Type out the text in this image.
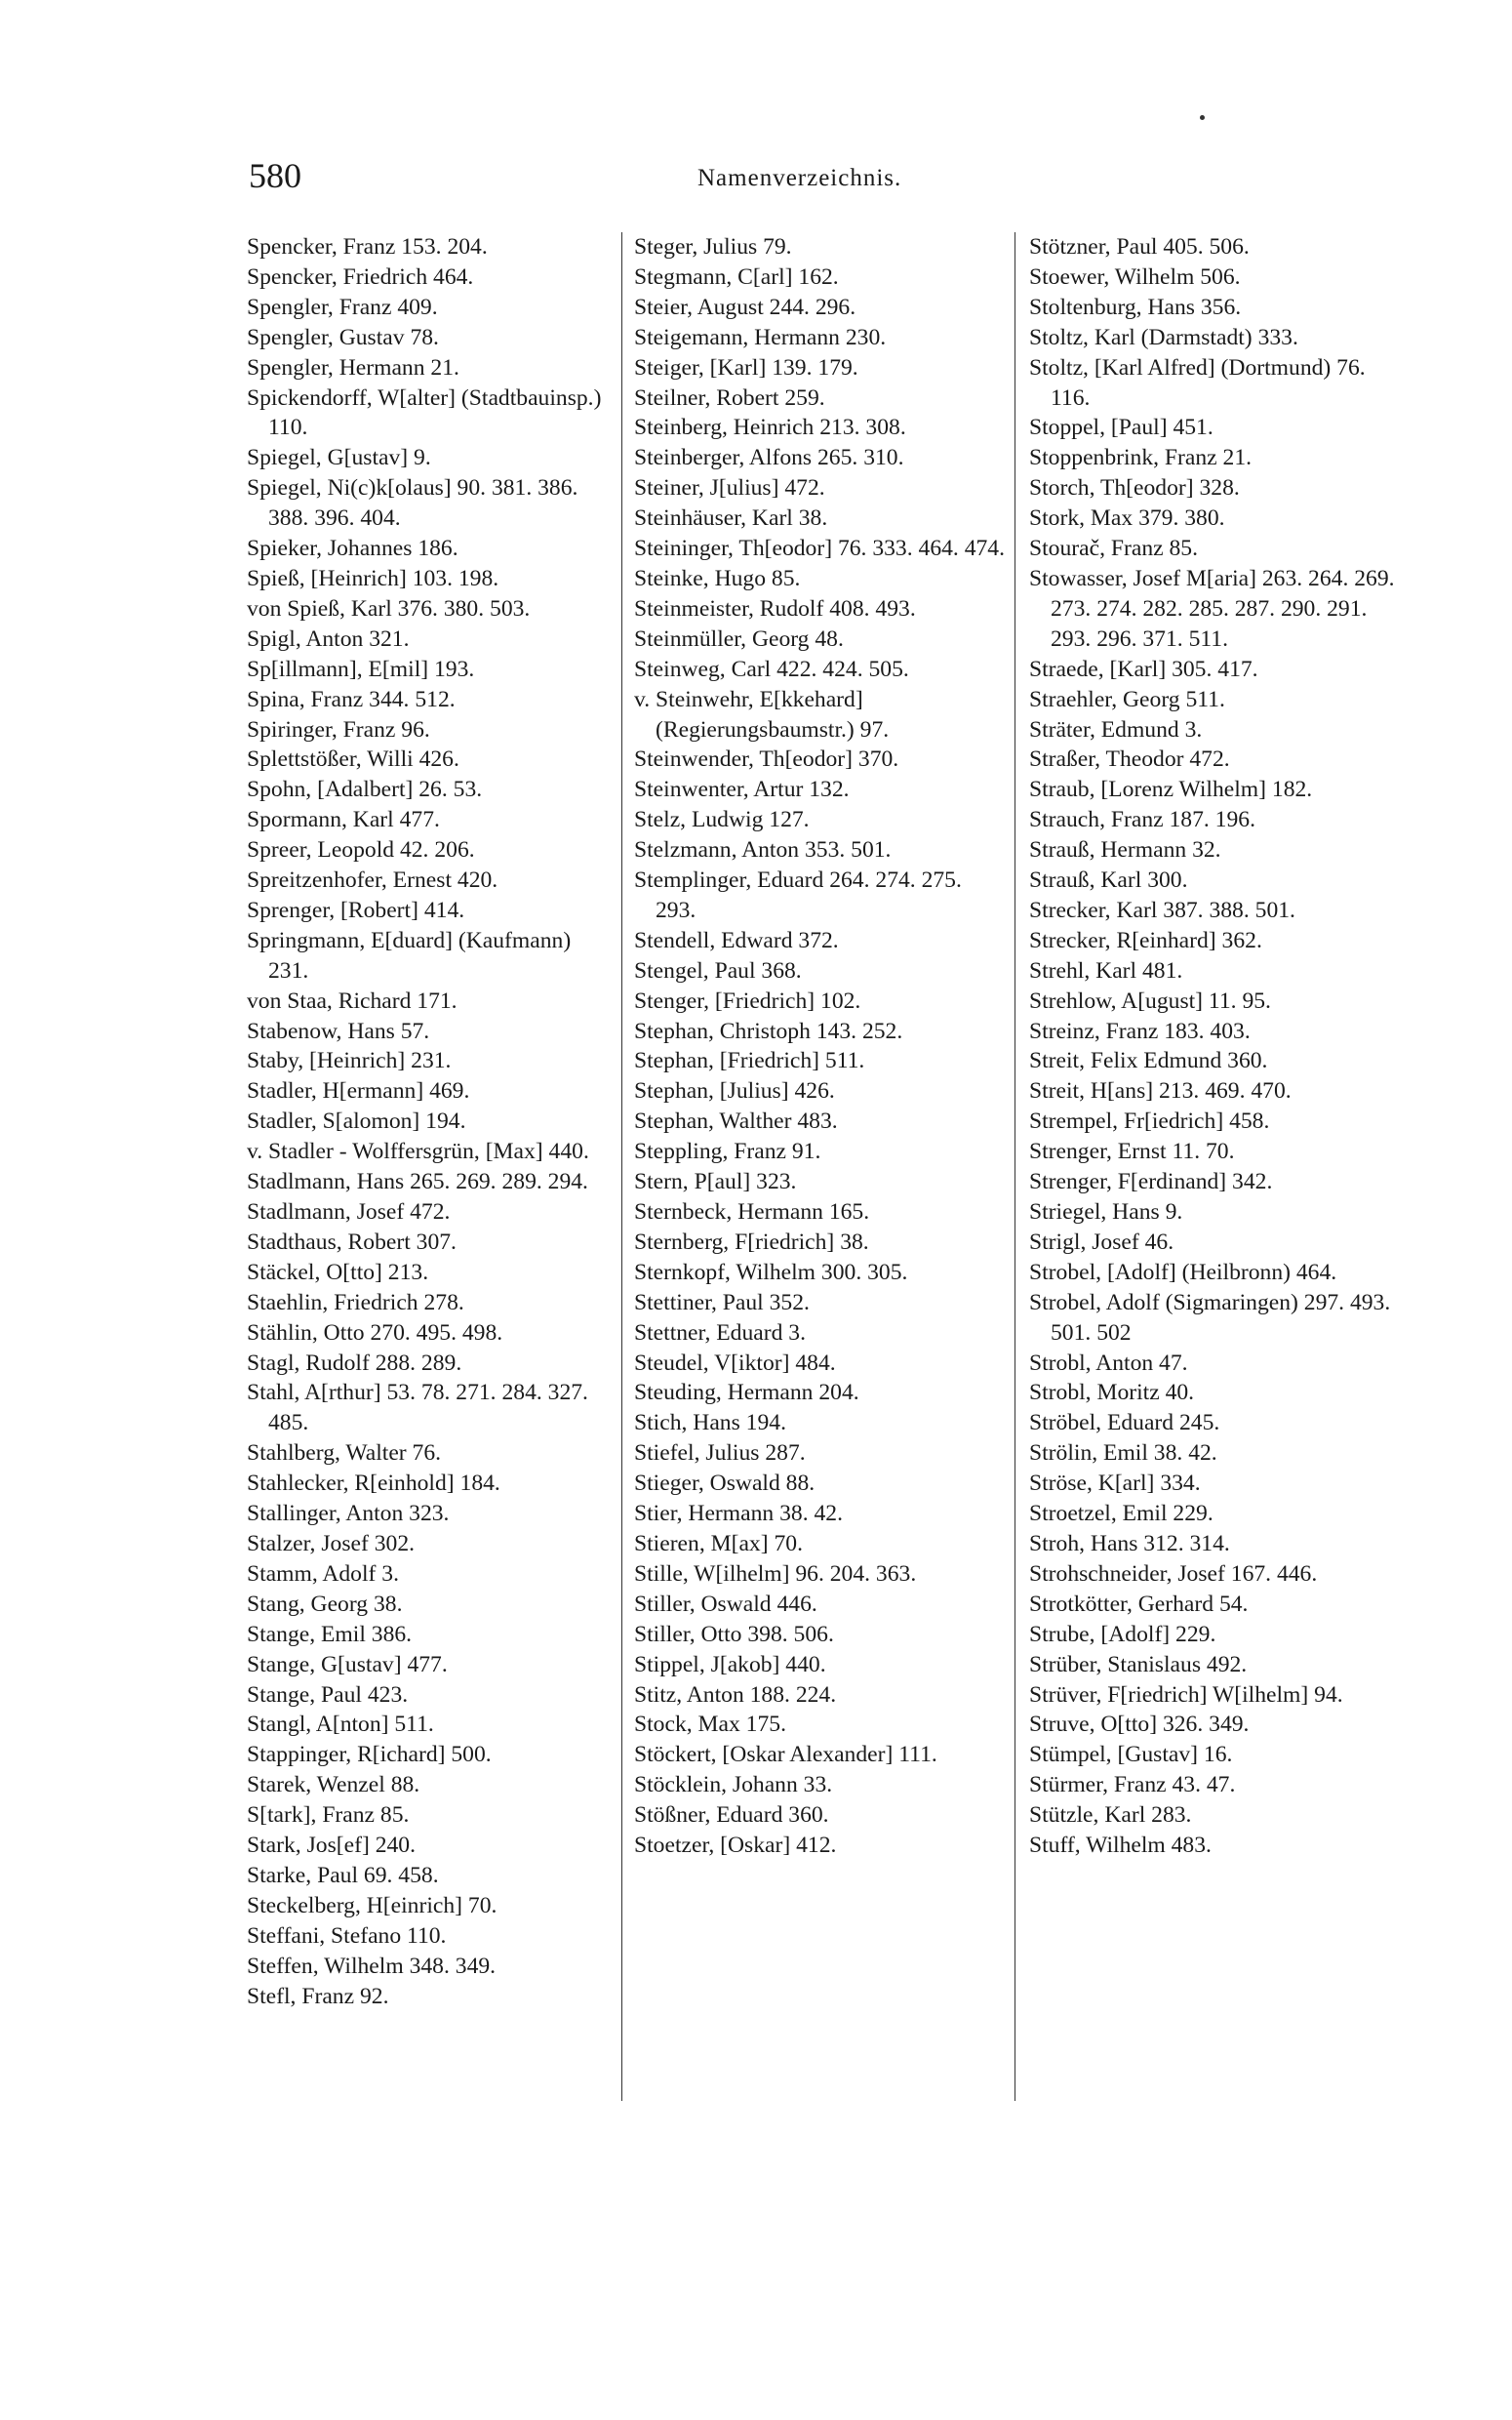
580	Namenverzeichnis.
Spencker, Franz 153. 204.
Spencker, Friedrich 464.
Spengler, Franz 409.
Spengler, Gustav 78.
Spengler, Hermann 21.
Spickendorff, W[alter] (Stadtbauinsp.) 110.
Spiegel, G[ustav] 9.
Spiegel, Ni(c)k[olaus] 90. 381. 386. 388. 396. 404.
Spieker, Johannes 186.
Spieß, [Heinrich] 103. 198.
von Spieß, Karl 376. 380. 503.
Spigl, Anton 321.
Sp[illmann], E[mil] 193.
Spina, Franz 344. 512.
Spiringer, Franz 96.
Splettstößer, Willi 426.
Spohn, [Adalbert] 26. 53.
Spormann, Karl 477.
Spreer, Leopold 42. 206.
Spreitzenhofer, Ernest 420.
Sprenger, [Robert] 414.
Springmann, E[duard] (Kaufmann) 231.
von Staa, Richard 171.
Stabenow, Hans 57.
Staby, [Heinrich] 231.
Stadler, H[ermann] 469.
Stadler, S[alomon] 194.
v. Stadler - Wolffersgrün, [Max] 440.
Stadlmann, Hans 265. 269. 289. 294.
Stadlmann, Josef 472.
Stadthaus, Robert 307.
Stäckel, O[tto] 213.
Staehlin, Friedrich 278.
Stählin, Otto 270. 495. 498.
Stagl, Rudolf 288. 289.
Stahl, A[rthur] 53. 78. 271. 284. 327. 485.
Stahlberg, Walter 76.
Stahlecker, R[einhold] 184.
Stallinger, Anton 323.
Stalzer, Josef 302.
Stamm, Adolf 3.
Stang, Georg 38.
Stange, Emil 386.
Stange, G[ustav] 477.
Stange, Paul 423.
Stangl, A[nton] 511.
Stappinger, R[ichard] 500.
Starek, Wenzel 88.
S[tark], Franz 85.
Stark, Jos[ef] 240.
Starke, Paul 69. 458.
Steckelberg, H[einrich] 70.
Steffani, Stefano 110.
Steffen, Wilhelm 348. 349.
Stefl, Franz 92.
Steger, Julius 79.
Stegmann, C[arl] 162.
Steier, August 244. 296.
Steigemann, Hermann 230.
Steiger, [Karl] 139. 179.
Steilner, Robert 259.
Steinberg, Heinrich 213. 308.
Steinberger, Alfons 265. 310.
Steiner, J[ulius] 472.
Steinhäuser, Karl 38.
Steininger, Th[eodor] 76. 333. 464. 474.
Steinke, Hugo 85.
Steinmeister, Rudolf 408. 493.
Steinmüller, Georg 48.
Steinweg, Carl 422. 424. 505.
v. Steinwehr, E[kkehard] (Regierungsbaumstr.) 97.
Steinwender, Th[eodor] 370.
Steinwenter, Artur 132.
Stelz, Ludwig 127.
Stelzmann, Anton 353. 501.
Stemplinger, Eduard 264. 274. 275. 293.
Stendell, Edward 372.
Stengel, Paul 368.
Stenger, [Friedrich] 102.
Stephan, Christoph 143. 252.
Stephan, [Friedrich] 511.
Stephan, [Julius] 426.
Stephan, Walther 483.
Steppling, Franz 91.
Stern, P[aul] 323.
Sternbeck, Hermann 165.
Sternberg, F[riedrich] 38.
Sternkopf, Wilhelm 300. 305.
Stettiner, Paul 352.
Stettner, Eduard 3.
Steudel, V[iktor] 484.
Steuding, Hermann 204.
Stich, Hans 194.
Stiefel, Julius 287.
Stieger, Oswald 88.
Stier, Hermann 38. 42.
Stieren, M[ax] 70.
Stille, W[ilhelm] 96. 204. 363.
Stiller, Oswald 446.
Stiller, Otto 398. 506.
Stippel, J[akob] 440.
Stitz, Anton 188. 224.
Stock, Max 175.
Stöckert, [Oskar Alexander] 111.
Stöcklein, Johann 33.
Stößner, Eduard 360.
Stoetzer, [Oskar] 412.
Stötzner, Paul 405. 506.
Stoewer, Wilhelm 506.
Stoltenburg, Hans 356.
Stoltz, Karl (Darmstadt) 333.
Stoltz, [Karl Alfred] (Dortmund) 76. 116.
Stoppel, [Paul] 451.
Stoppenbrink, Franz 21.
Storch, Th[eodor] 328.
Stork, Max 379. 380.
Stourač, Franz 85.
Stowasser, Josef M[aria] 263. 264. 269. 273. 274. 282. 285. 287. 290. 291. 293. 296. 371. 511.
Straede, [Karl] 305. 417.
Straehler, Georg 511.
Sträter, Edmund 3.
Straßer, Theodor 472.
Straub, [Lorenz Wilhelm] 182.
Strauch, Franz 187. 196.
Strauß, Hermann 32.
Strauß, Karl 300.
Strecker, Karl 387. 388. 501.
Strecker, R[einhard] 362.
Strehl, Karl 481.
Strehlow, A[ugust] 11. 95.
Streinz, Franz 183. 403.
Streit, Felix Edmund 360.
Streit, H[ans] 213. 469. 470.
Strempel, Fr[iedrich] 458.
Strenger, Ernst 11. 70.
Strenger, F[erdinand] 342.
Striegel, Hans 9.
Strigl, Josef 46.
Strobel, [Adolf] (Heilbronn) 464.
Strobel, Adolf (Sigmaringen) 297. 493. 501. 502
Strobl, Anton 47.
Strobl, Moritz 40.
Ströbel, Eduard 245.
Strölin, Emil 38. 42.
Ströse, K[arl] 334.
Stroetzel, Emil 229.
Stroh, Hans 312. 314.
Strohschneider, Josef 167. 446.
Strotkötter, Gerhard 54.
Strube, [Adolf] 229.
Strüber, Stanislaus 492.
Strüver, F[riedrich] W[ilhelm] 94.
Struve, O[tto] 326. 349.
Stümpel, [Gustav] 16.
Stürmer, Franz 43. 47.
Stützle, Karl 283.
Stuff, Wilhelm 483.
